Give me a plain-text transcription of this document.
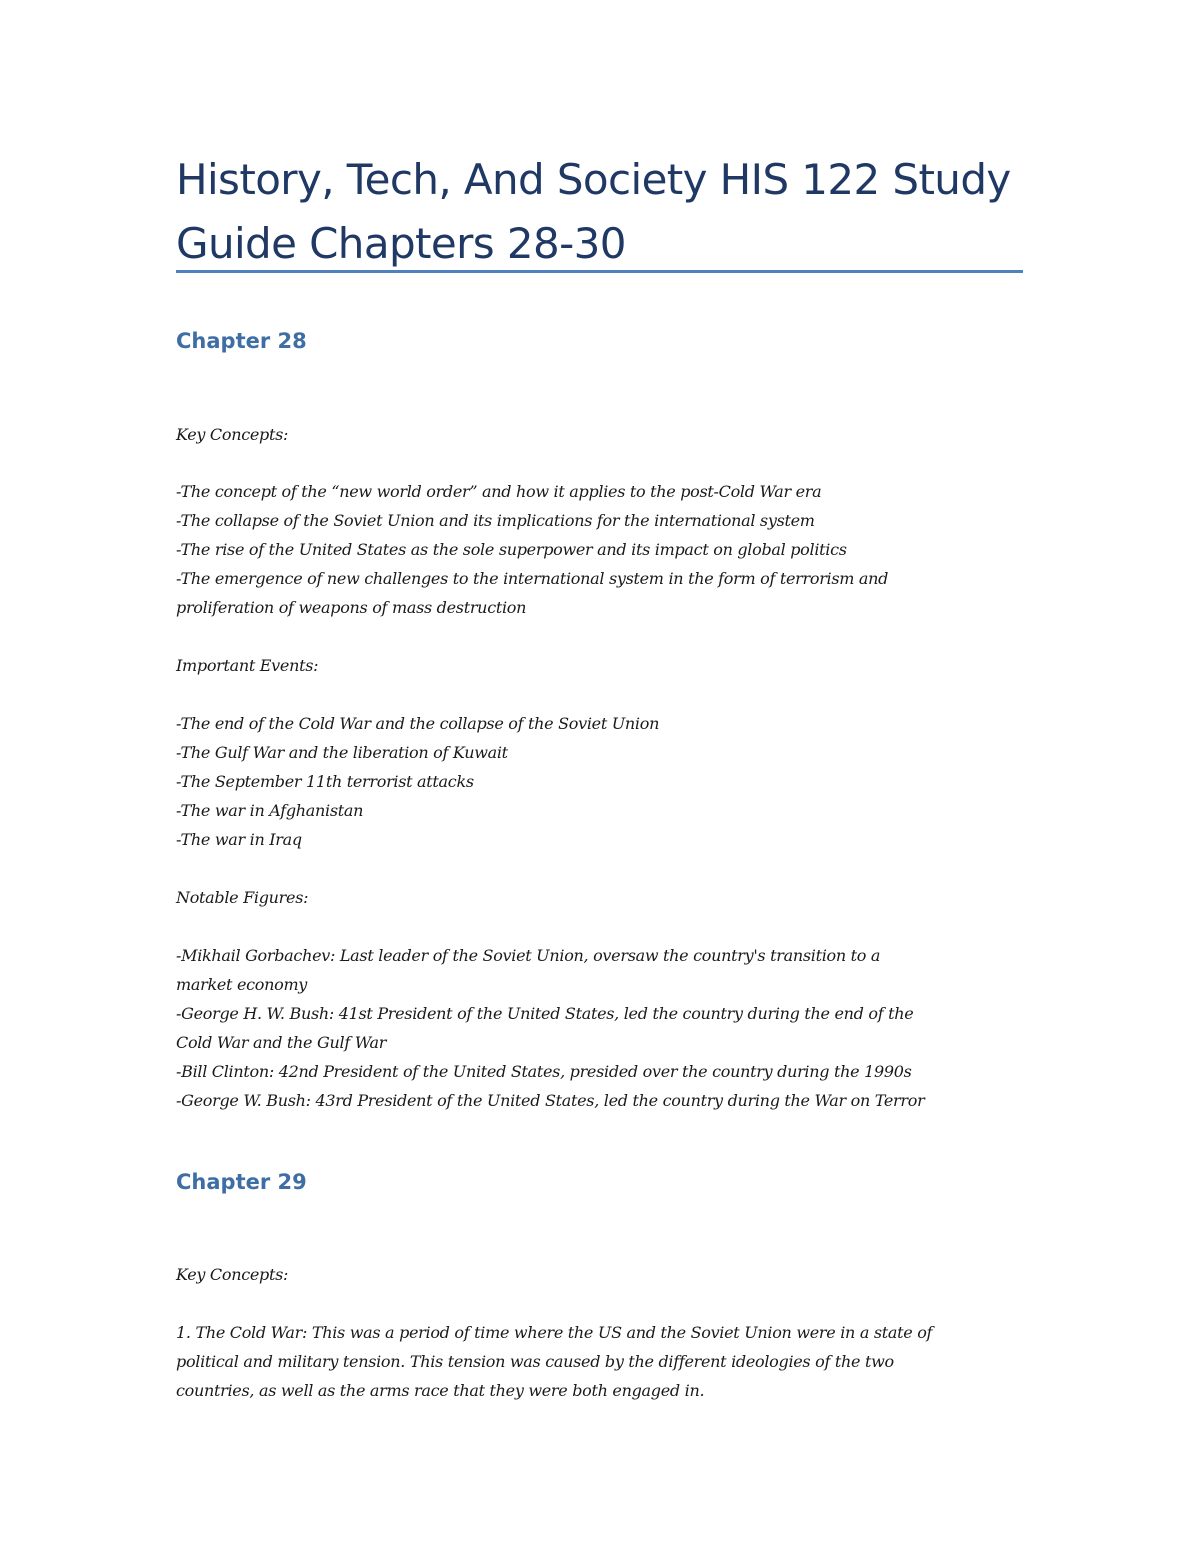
History, Tech, And Society HIS 122 Study
Guide Chapters 28-30
Chapter 28
Key Concepts:
-The concept of the “new world order” and how it applies to the post-Cold War era
-The collapse of the Soviet Union and its implications for the international system
-The rise of the United States as the sole superpower and its impact on global politics
-The emergence of new challenges to the international system in the form of terrorism and
proliferation of weapons of mass destruction
Important Events:
-The end of the Cold War and the collapse of the Soviet Union
-The Gulf War and the liberation of Kuwait
-The September 11th terrorist attacks
-The war in Afghanistan
-The war in Iraq
Notable Figures:
-Mikhail Gorbachev: Last leader of the Soviet Union, oversaw the country's transition to a
market economy
-George H. W. Bush: 41st President of the United States, led the country during the end of the
Cold War and the Gulf War
-Bill Clinton: 42nd President of the United States, presided over the country during the 1990s
-George W. Bush: 43rd President of the United States, led the country during the War on Terror
Chapter 29
Key Concepts:
1. The Cold War: This was a period of time where the US and the Soviet Union were in a state of
political and military tension. This tension was caused by the different ideologies of the two
countries, as well as the arms race that they were both engaged in.
